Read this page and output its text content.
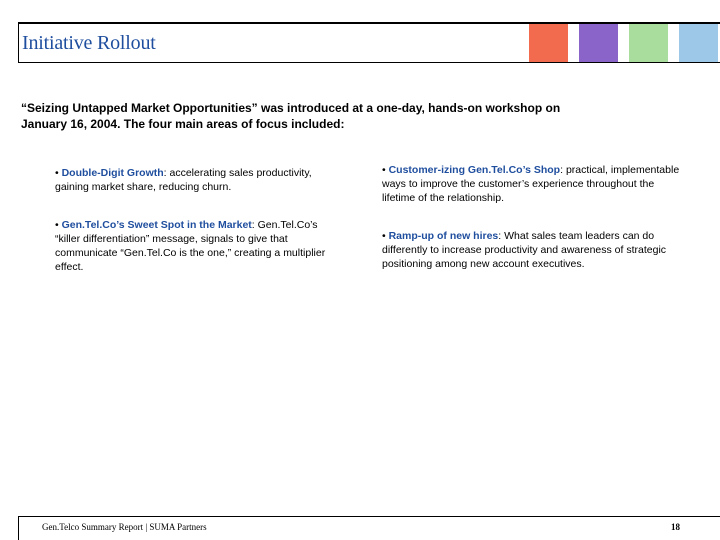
Initiative Rollout
“Seizing Untapped Market Opportunities” was introduced at a one-day, hands-on workshop on January 16, 2004. The four main areas of focus included:
• Double-Digit Growth: accelerating sales productivity, gaining market share, reducing churn.
• Gen.Tel.Co’s Sweet Spot in the Market: Gen.Tel.Co’s “killer differentiation” message, signals to give that communicate “Gen.Tel.Co is the one,” creating a multiplier effect.
• Customer-izing Gen.Tel.Co’s Shop: practical, implementable ways to improve the customer’s experience throughout the lifetime of the relationship.
• Ramp-up of new hires: What sales team leaders can do differently to increase productivity and awareness of strategic positioning among new account executives.
Gen.Telco Summary Report | SUMA Partners	18
